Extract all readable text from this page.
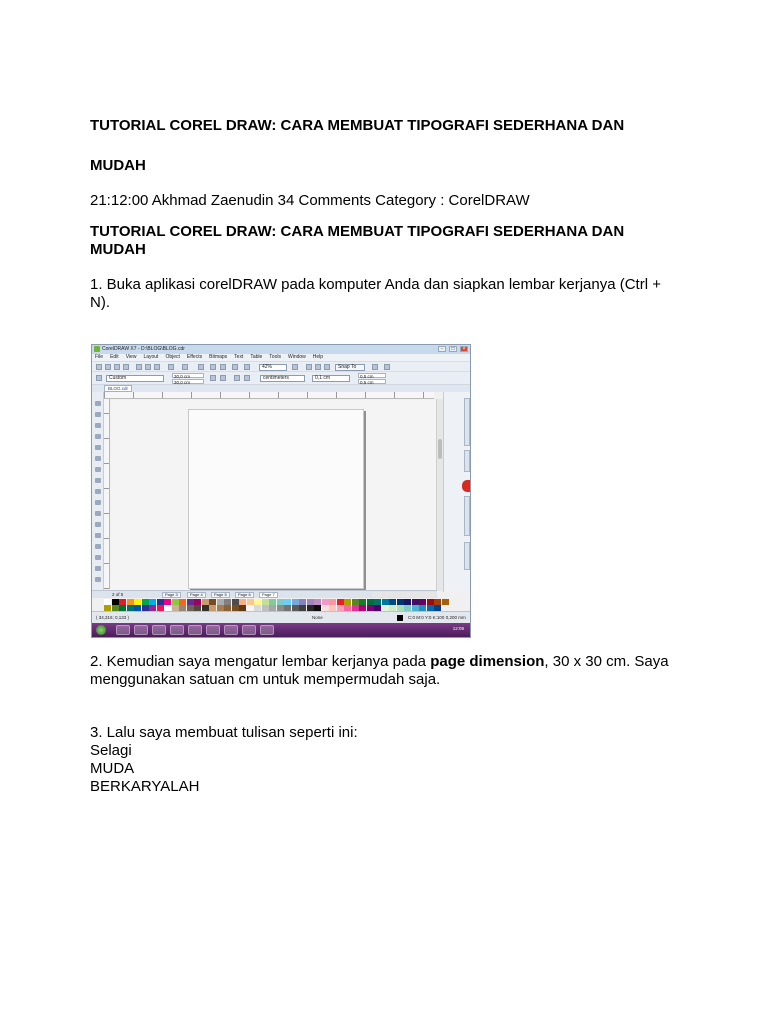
TUTORIAL COREL DRAW: CARA MEMBUAT TIPOGRAFI SEDERHANA DAN

MUDAH

21:12:00 Akhmad Zaenudin 34 Comments Category : CorelDRAW

TUTORIAL COREL DRAW: CARA MEMBUAT TIPOGRAFI SEDERHANA DAN MUDAH

1. Buka aplikasi corelDRAW pada komputer Anda dan siapkan lembar kerjanya (Ctrl + N).

CorelDRAW X7 - D:\BLOG\BLOG.cdr	-	□	×
File Edit View Layout Object Effects Bitmaps Text Table Tools Window Help
42%	Snap To
Custom	30,0 cm
30,0 cm
centimeters	0,1 cm	0,5 cm
0,5 cm
BLOG.cdr
2 of 5	Page 3	Page 4	Page 5	Page 6	Page 7
( 34,316; 0,133 )	None	C:0 M:0 Y:0 K:100 0,200 mm
12:09

2. Kemudian saya mengatur lembar kerjanya pada page dimension, 30 x 30 cm. Saya menggunakan satuan cm untuk mempermudah saja.

3. Lalu saya membuat tulisan seperti ini:

Selagi

MUDA

BERKARYALAH
